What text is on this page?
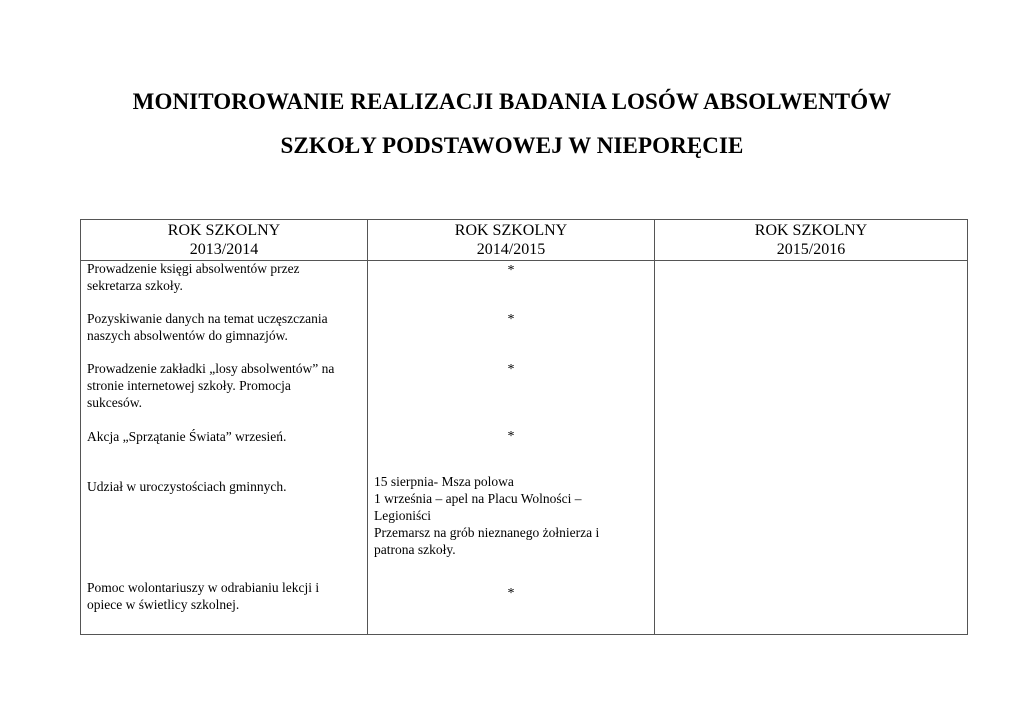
MONITOROWANIE REALIZACJI BADANIA LOSÓW ABSOLWENTÓW
SZKOŁY PODSTAWOWEJ W NIEPORĘCIE
ROK SZKOLNY
2013/2014
ROK SZKOLNY
2014/2015
ROK SZKOLNY
2015/2016
Prowadzenie księgi absolwentów przez
sekretarza szkoły.
Pozyskiwanie danych na temat uczęszczania
naszych absolwentów do gimnazjów.
Prowadzenie zakładki „losy absolwentów” na
stronie internetowej szkoły. Promocja
sukcesów.
Akcja „Sprzątanie Świata” wrzesień.
Udział w uroczystościach gminnych.
Pomoc wolontariuszy w odrabianiu lekcji i
opiece w świetlicy szkolnej.
*
*
*
*
*
15 sierpnia- Msza polowa
1 września – apel na Placu Wolności –
Legioniści
Przemarsz na grób nieznanego żołnierza i
patrona szkoły.
